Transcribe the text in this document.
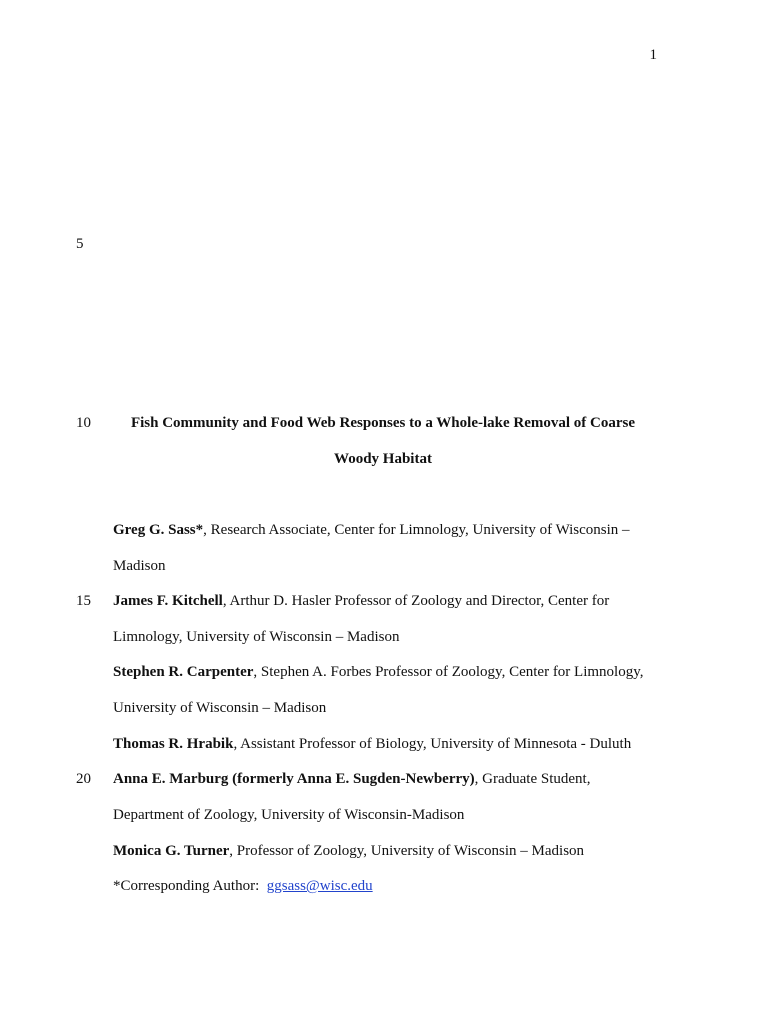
1
5
10
15
20
Fish Community and Food Web Responses to a Whole-lake Removal of Coarse
Woody Habitat
Greg G. Sass*, Research Associate, Center for Limnology, University of Wisconsin –
Madison
James F. Kitchell, Arthur D. Hasler Professor of Zoology and Director, Center for
Limnology, University of Wisconsin – Madison
Stephen R. Carpenter, Stephen A. Forbes Professor of Zoology, Center for Limnology,
University of Wisconsin – Madison
Thomas R. Hrabik, Assistant Professor of Biology, University of Minnesota - Duluth
Anna E. Marburg (formerly Anna E. Sugden-Newberry), Graduate Student,
Department of Zoology, University of Wisconsin-Madison
Monica G. Turner, Professor of Zoology, University of Wisconsin – Madison
*Corresponding Author: ggsass@wisc.edu
